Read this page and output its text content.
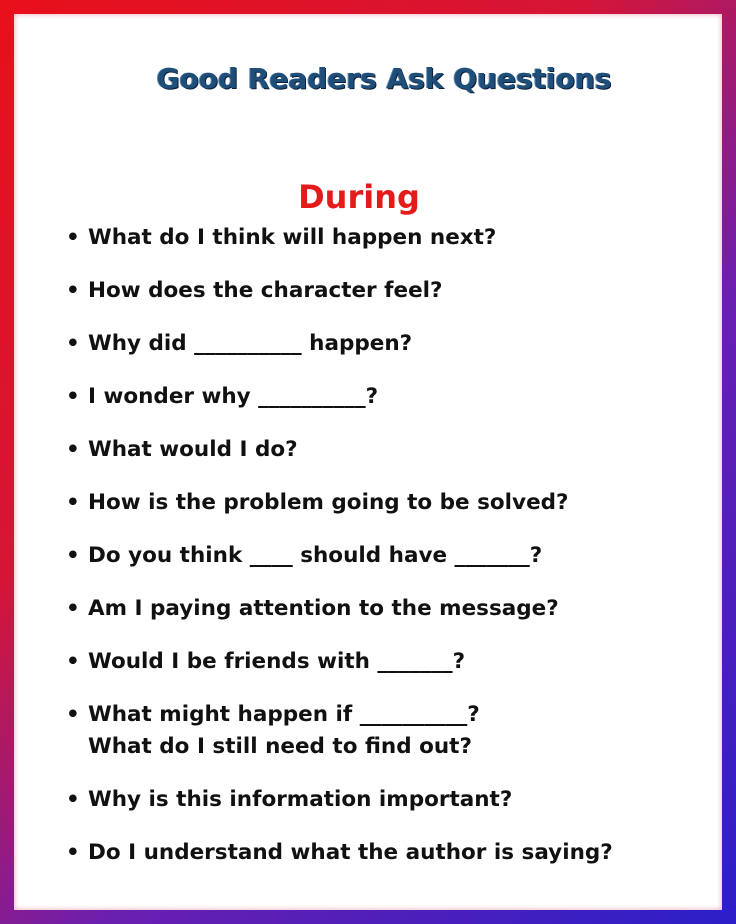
Good Readers Ask Questions
During
• What do I think will happen next?
• How does the character feel?
• Why did __________ happen?
• I wonder why __________?
• What would I do?
• How is the problem going to be solved?
• Do you think ____ should have _______?
• Am I paying attention to the message?
• Would I be friends with _______?
• What might happen if __________?
What do I still need to find out?
• Why is this information important?
• Do I understand what the author is saying?
